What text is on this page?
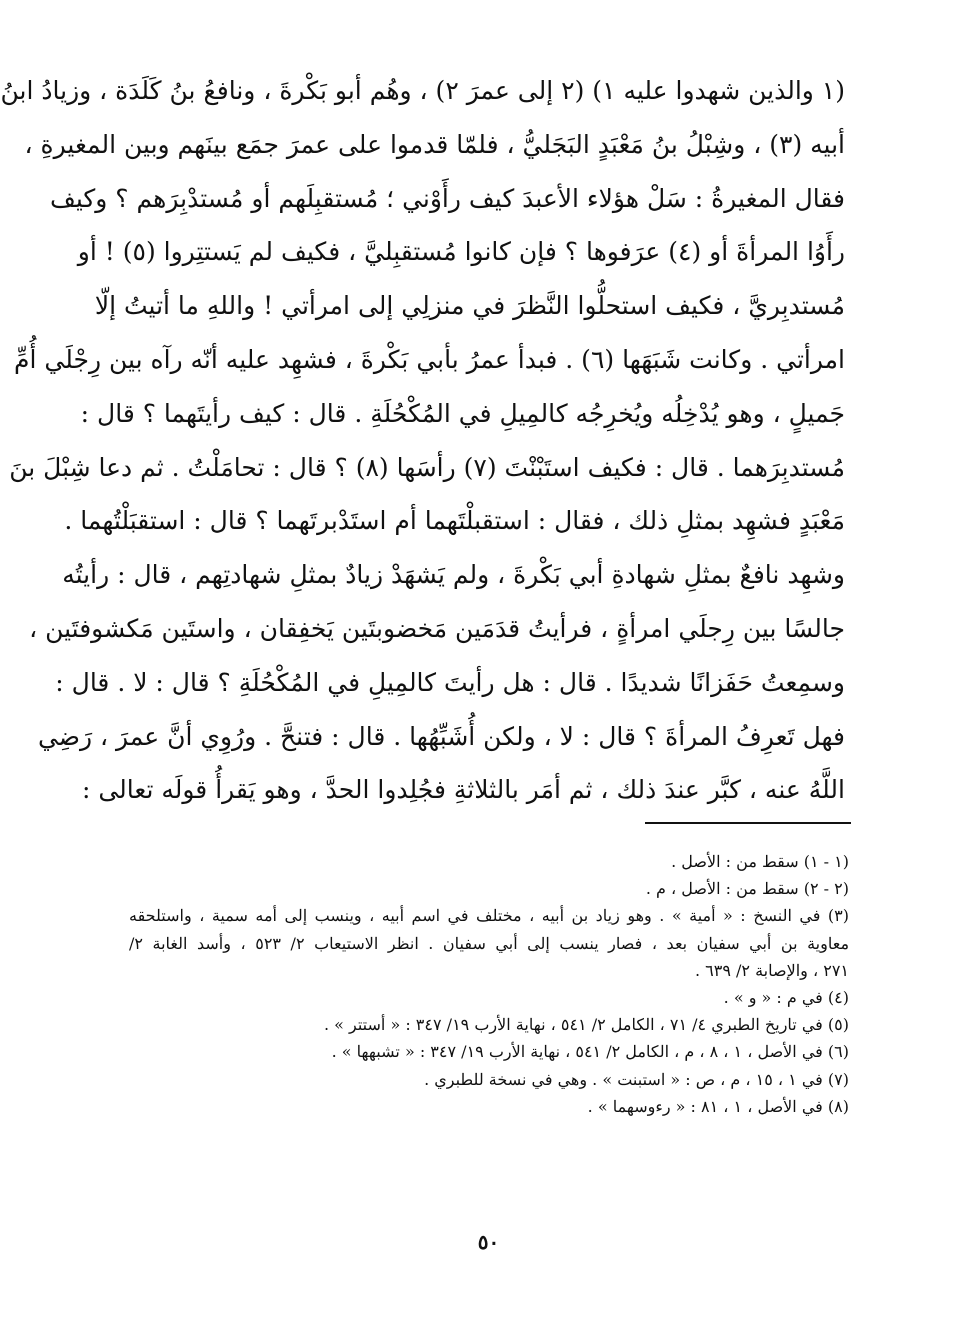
(١ والذين شهدوا عليه ١) (٢ إلى عمرَ ٢) ، وهُم أبو بَكْرةَ ، ونافعُ بنُ كَلَدَة ، وزيادُ ابنُ
أبيه (٣) ، وشِبْلُ بنُ مَعْبَدٍ البَجَليُّ ، فلمّا قدموا على عمرَ جمَع بينَهم وبين المغيرةِ ،
فقال المغيرةُ : سَلْ هؤلاء الأعبدَ كيف رأَوْني ؛ مُستقبِلَهم أو مُستدْبِرَهم ؟ وكيف
رأَوُا المرأةَ أو (٤) عرَفوها ؟ فإن كانوا مُستقبِليَّ ، فكيف لم يَستتِروا (٥) ! أو
مُستدبِريَّ ، فكيف استحلُّوا النَّظرَ في منزلِي إلى امرأتي ! واللهِ ما أتيتُ إلّا
امرأتي . وكانت شَبَهَها (٦) . فبدأ عمرُ بأبي بَكْرةَ ، فشهِد عليه أنّه رآه بين رِجْلَي أُمِّ
جَميلٍ ، وهو يُدْخِلُه ويُخرِجُه كالمِيلِ في المُكْحُلَةِ . قال : كيف رأيتَهما ؟ قال :
مُستدبِرَهما . قال : فكيف استَبْنْتَ (٧) رأسَها (٨) ؟ قال : تحامَلْتُ . ثم دعا شِبْلَ بنَ
مَعْبَدٍ فشهِد بمثلِ ذلك ، فقال : استقبلْتَهما أم استَدْبرتَهما ؟ قال : استقبَلْتُهما .
وشهِد نافعٌ بمثلِ شهادةِ أبي بَكْرةَ ، ولم يَشهَدْ زيادٌ بمثلِ شهادتِهم ، قال : رأيتُه
جالسًا بين رِجلَي امرأةٍ ، فرأيتُ قدَمَين مَخضوبتَين يَخفِقان ، واستَين مَكشوفتَين ،
وسمِعتُ حَفَزانًا شديدًا . قال : هل رأيتَ كالمِيلِ في المُكْحُلَةِ ؟ قال : لا . قال :
فهل تَعرِفُ المرأةَ ؟ قال : لا ، ولكن أُشَبِّهُها . قال : فتنحَّ . ورُوِي أنَّ عمرَ ، رَضِي
اللَّهُ عنه ، كبَّر عندَ ذلك ، ثم أمَر بالثلاثةِ فجُلِدوا الحدَّ ، وهو يَقرأُ قولَه تعالى :
(١ - ١) سقط من : الأصل .
(٢ - ٢) سقط من : الأصل ، م .
(٣) في النسخ : « أمية » . وهو زياد بن أبيه ، مختلف في اسم أبيه ، وينسب إلى أمه سمية ، واستلحقه
معاوية بن أبي سفيان بعد ، فصار ينسب إلى أبي سفيان . انظر الاستيعاب ٢/ ٥٢٣ ، وأسد الغابة ٢/
٢٧١ ، والإصابة ٢/ ٦٣٩ .
(٤) في م : « و » .
(٥) في تاريخ الطبري ٤/ ٧١ ، الكامل ٢/ ٥٤١ ، نهاية الأرب ١٩/ ٣٤٧ : « أستتر » .
(٦) في الأصل ، ١ ، ٨ ، م ، الكامل ٢/ ٥٤١ ، نهاية الأرب ١٩/ ٣٤٧ : « تشبهها » .
(٧) في ١ ، ١٥ ، م ، ص : « استبنت » . وهي في نسخة للطبري .
(٨) في الأصل ، ١ ، ٨١ : « رءوسهما » .
٥٠
